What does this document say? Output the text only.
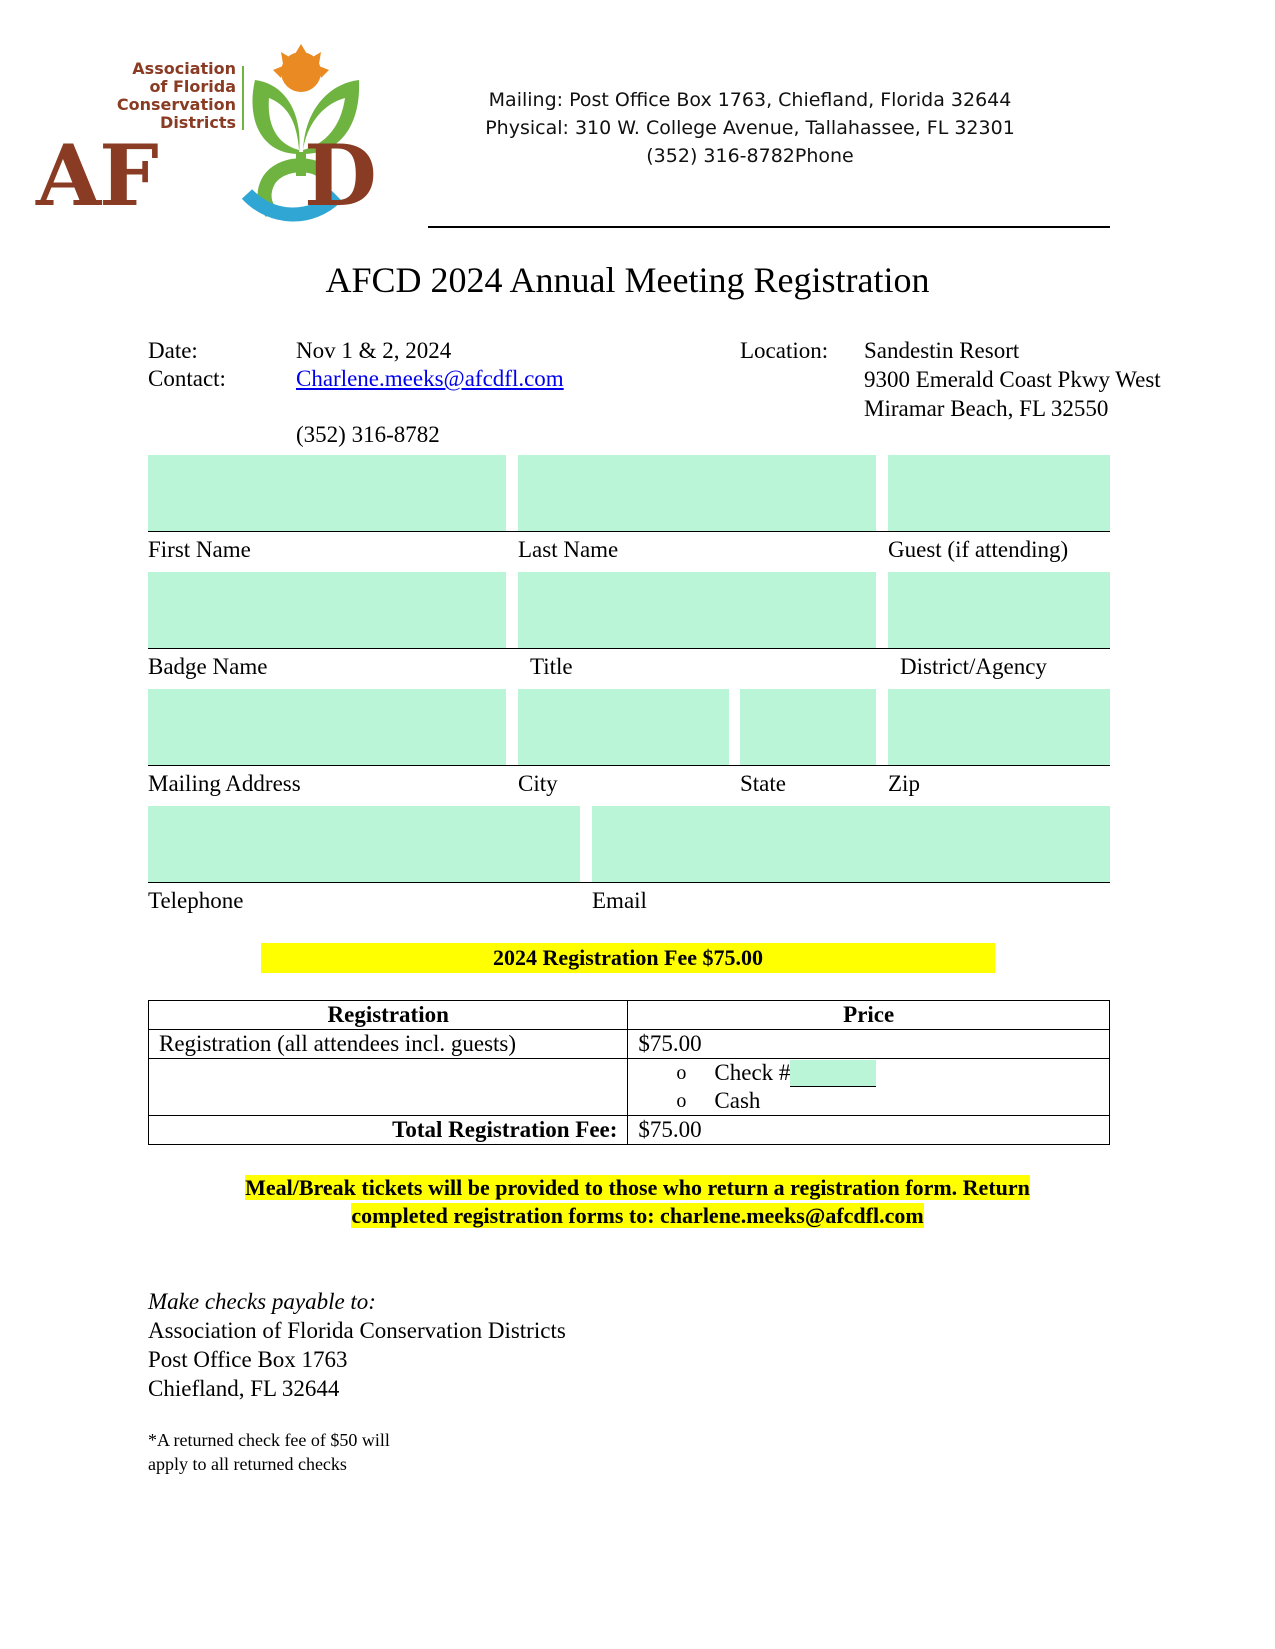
Association
of Florida
Conservation
Districts
AF D
Mailing: Post Office Box 1763, Chiefland, Florida 32644
Physical: 310 W. College Avenue, Tallahassee, FL 32301
(352) 316-8782Phone
AFCD 2024 Annual Meeting Registration
Date:	Nov 1 & 2, 2024
Contact:	Charlene.meeks@afcdfl.com
(352) 316-8782
Location: Sandestin Resort
9300 Emerald Coast Pkwy West
Miramar Beach, FL 32550
First Name	Last Name	Guest (if attending)
Badge Name	Title	District/Agency
Mailing Address	City	State	Zip
Telephone	Email
2024 Registration Fee $75.00
Registration	Price
Registration (all attendees incl. guests)	$75.00

	o Check #
o Cash

Total Registration Fee:	$75.00
Meal/Break tickets will be provided to those who return a registration form. Return
completed registration forms to: charlene.meeks@afcdfl.com
Make checks payable to:
Association of Florida Conservation Districts
Post Office Box 1763
Chiefland, FL 32644
*A returned check fee of $50 will
apply to all returned checks
